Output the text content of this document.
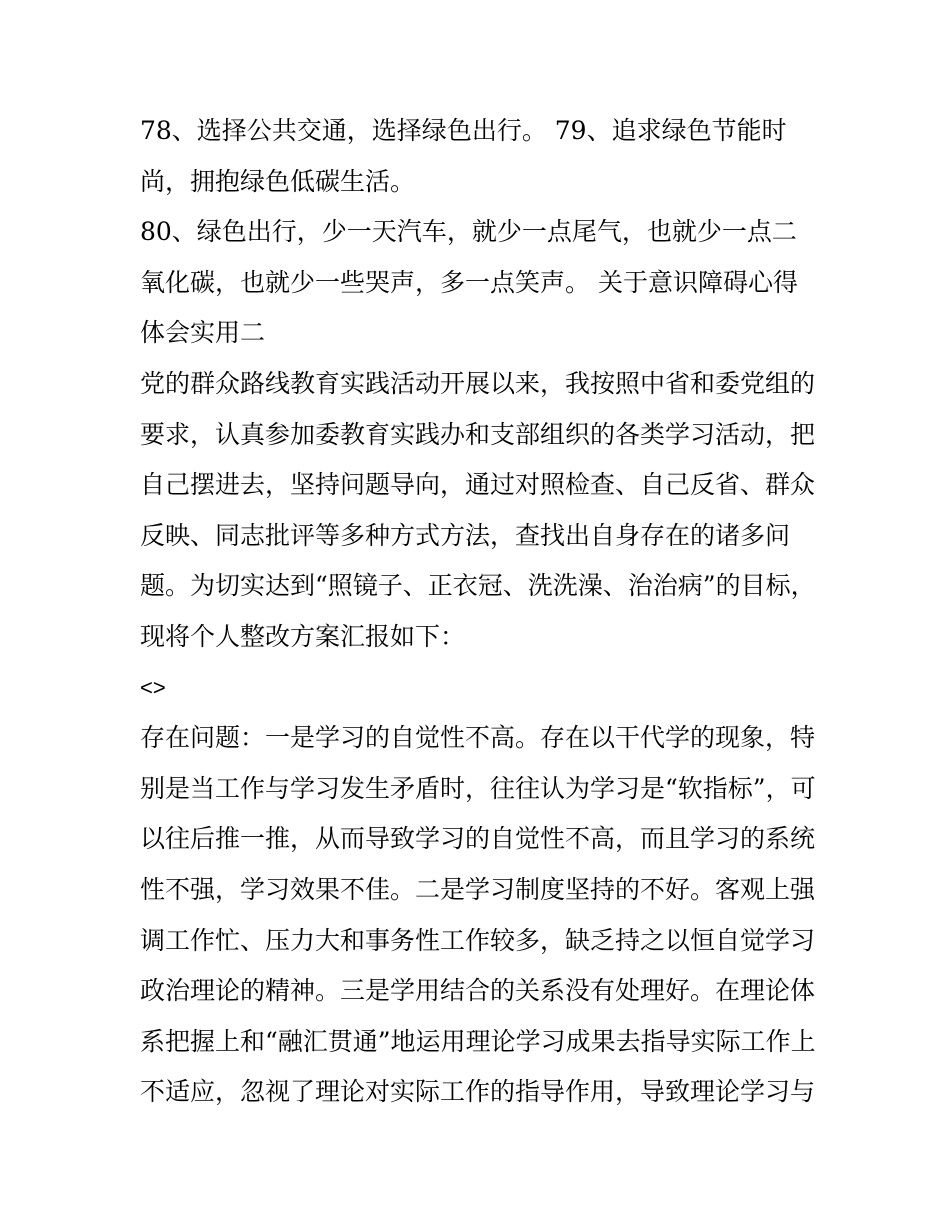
78、选择公共交通，选择绿色出行。 79、追求绿色节能时
尚，拥抱绿色低碳生活。
80、绿色出行，少一天汽车，就少一点尾气，也就少一点二
氧化碳，也就少一些哭声，多一点笑声。 关于意识障碍心得
体会实用二
党的群众路线教育实践活动开展以来，我按照中省和委党组的
要求，认真参加委教育实践办和支部组织的各类学习活动，把
自己摆进去，坚持问题导向，通过对照检查、自己反省、群众
反映、同志批评等多种方式方法，查找出自身存在的诸多问
题。为切实达到“照镜子、正衣冠、洗洗澡、治治病”的目标，
现将个人整改方案汇报如下：
<>
存在问题：一是学习的自觉性不高。存在以干代学的现象，特
别是当工作与学习发生矛盾时，往往认为学习是“软指标”，可
以往后推一推，从而导致学习的自觉性不高，而且学习的系统
性不强，学习效果不佳。二是学习制度坚持的不好。客观上强
调工作忙、压力大和事务性工作较多，缺乏持之以恒自觉学习
政治理论的精神。三是学用结合的关系没有处理好。在理论体
系把握上和“融汇贯通”地运用理论学习成果去指导实际工作上
不适应，忽视了理论对实际工作的指导作用，导致理论学习与
